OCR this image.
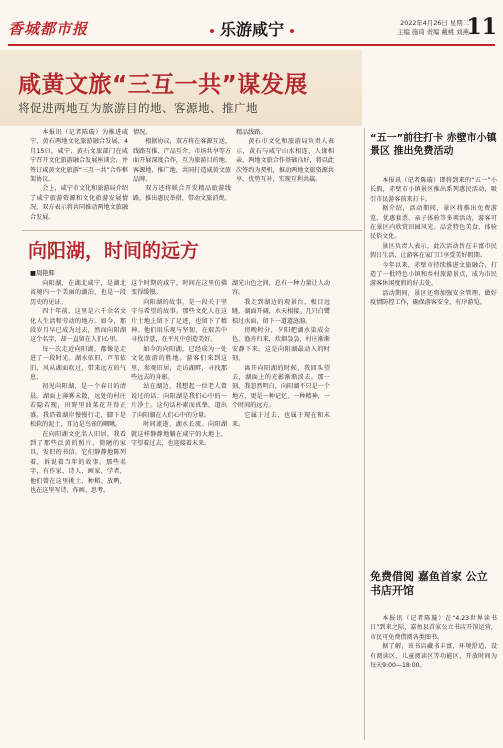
香城都市报	乐游咸宁	2022年4月26日 星期二
主编 施琦 责编 戴桃 刘燕
11
咸黄文旅“三互一共”谋发展
将促进两地互为旅游目的地、客源地、推广地

本报讯（记者陈璇）为推进咸宁、黄石两地文化旅游融合发展，4月15日，咸宁、黄石文旅部门在咸宁召开文化旅游融合发展座谈会，并签订咸黄文化旅游“三互一共”合作框架协议。

会上，咸宁市文化和旅游局介绍了咸宁旅游资源和文化旅游发展情况，双方表示将共同推动两地文旅融合发展。

情况。

根据协议，双方将在客源互送、线路互推、产品互介、市场共享等方面开展深度合作，互为旅游目的地、客源地、推广地，共同打造咸黄文旅品牌。

双方还将联合开发精品旅游线路，推出惠民举措，带动文旅消费。

精品线路。

黄石市文化和旅游局负责人表示，黄石与咸宁山水相连、人缘相亲，两地文旅合作基础良好，将以此次签约为契机，推动两地文旅资源共享、优势互补，实现互利共赢。

向阳湖，时间的远方
■周艳辉

向阳湖，在湖北咸宁，是湖北省境内一个美丽的湖泊，也是一段历史的见证。

四十年前，这里是六千余名文化人生活和劳动的地方。如今，那段岁月早已成为过去，然而向阳湖这个名字，却一直留在人们心里。

每一次走近向阳湖，都像是走进了一段时光。湖水依旧，芦苇依旧，风从湖面吹过，带来远方的气息。

初见向阳湖，是一个春日的清晨。湖面上薄雾未散，远处的村庄若隐若现，田野里油菜花开得正盛。我沿着湖岸慢慢行走，脚下是松软的泥土，耳边是鸟雀的啁啾。

在向阳湖文化名人旧居，我看到了那些泛黄的照片、简陋的家具、发旧的书信。它们静静地陈列着，诉说着当年的故事。那些名字，有作家、诗人、画家、学者，他们曾在这里挑土、种稻、放鸭，也在这里写诗、作画、思考。

这个时期的咸宁，时间在这里仿佛变得缓慢。

向阳湖的故事，是一段关于坚守与希望的故事。那些文化人在这片土地上留下了足迹，也留下了精神。他们用乐观与坚韧，在艰苦中寻找诗意，在平凡中创造美好。

如今的向阳湖，已经成为一处文化旅游的胜地。游客们来到这里，参观旧居，走访湖畔，寻找那些远去的身影。

站在湖边，我想起一位老人曾说过的话：向阳湖是我们心中的一片净土。这句话朴素而真挚，道出了向阳湖在人们心中的分量。

时间流逝，湖水长流。向阳湖就这样静静地躺在咸宁的大地上，守望着过去，也迎接着未来。

湖光山色之间，总有一种力量让人动容。

我走到湖边的观景台，极目远眺，湖面开阔，水天相接。几只白鹭掠过水面，留下一道道涟漪。

傍晚时分，夕阳把湖水染成金色。渔舟归来，炊烟袅袅，村庄渐渐安静下来。这是向阳湖最动人的时刻。

离开向阳湖的时候，我回头望去，湖面上的光影渐渐淡去。那一刻，我忽然明白，向阳湖不只是一个地方，更是一种记忆，一种精神，一个时间的远方。

它属于过去，也属于现在和未来。

“五一”前往打卡 赤壁市小镇景区 推出免费活动

本报讯（记者陈璇）即将到来的“五一”小长假，赤壁市小镇景区推出系列惠民活动，吸引市民游客前来打卡。

据介绍，活动期间，景区将推出免费游览、优惠套票、亲子体验等多项活动，游客可在景区内欣赏田园风光、品尝特色美食、体验民俗文化。

景区负责人表示，此次活动旨在丰富市民假日生活，让游客在家门口享受美好假期。

今年以来，赤壁市持续推进文旅融合，打造了一批特色小镇和乡村旅游景点，成为市民游客休闲度假的好去处。

活动期间，景区还将加强安全管理，做好疫情防控工作，确保游客安全、有序游览。

免费借阅 嘉鱼首家 公立书店开馆

本报讯（记者陈璇）在“4.23世界读书日”到来之际，嘉鱼县首家公立书店开馆运营，市民可免费借阅各类图书。

据了解，该书店藏书丰富，环境舒适，设有阅读区、儿童阅读区等功能区，开放时间为每天9:00—18:00。
